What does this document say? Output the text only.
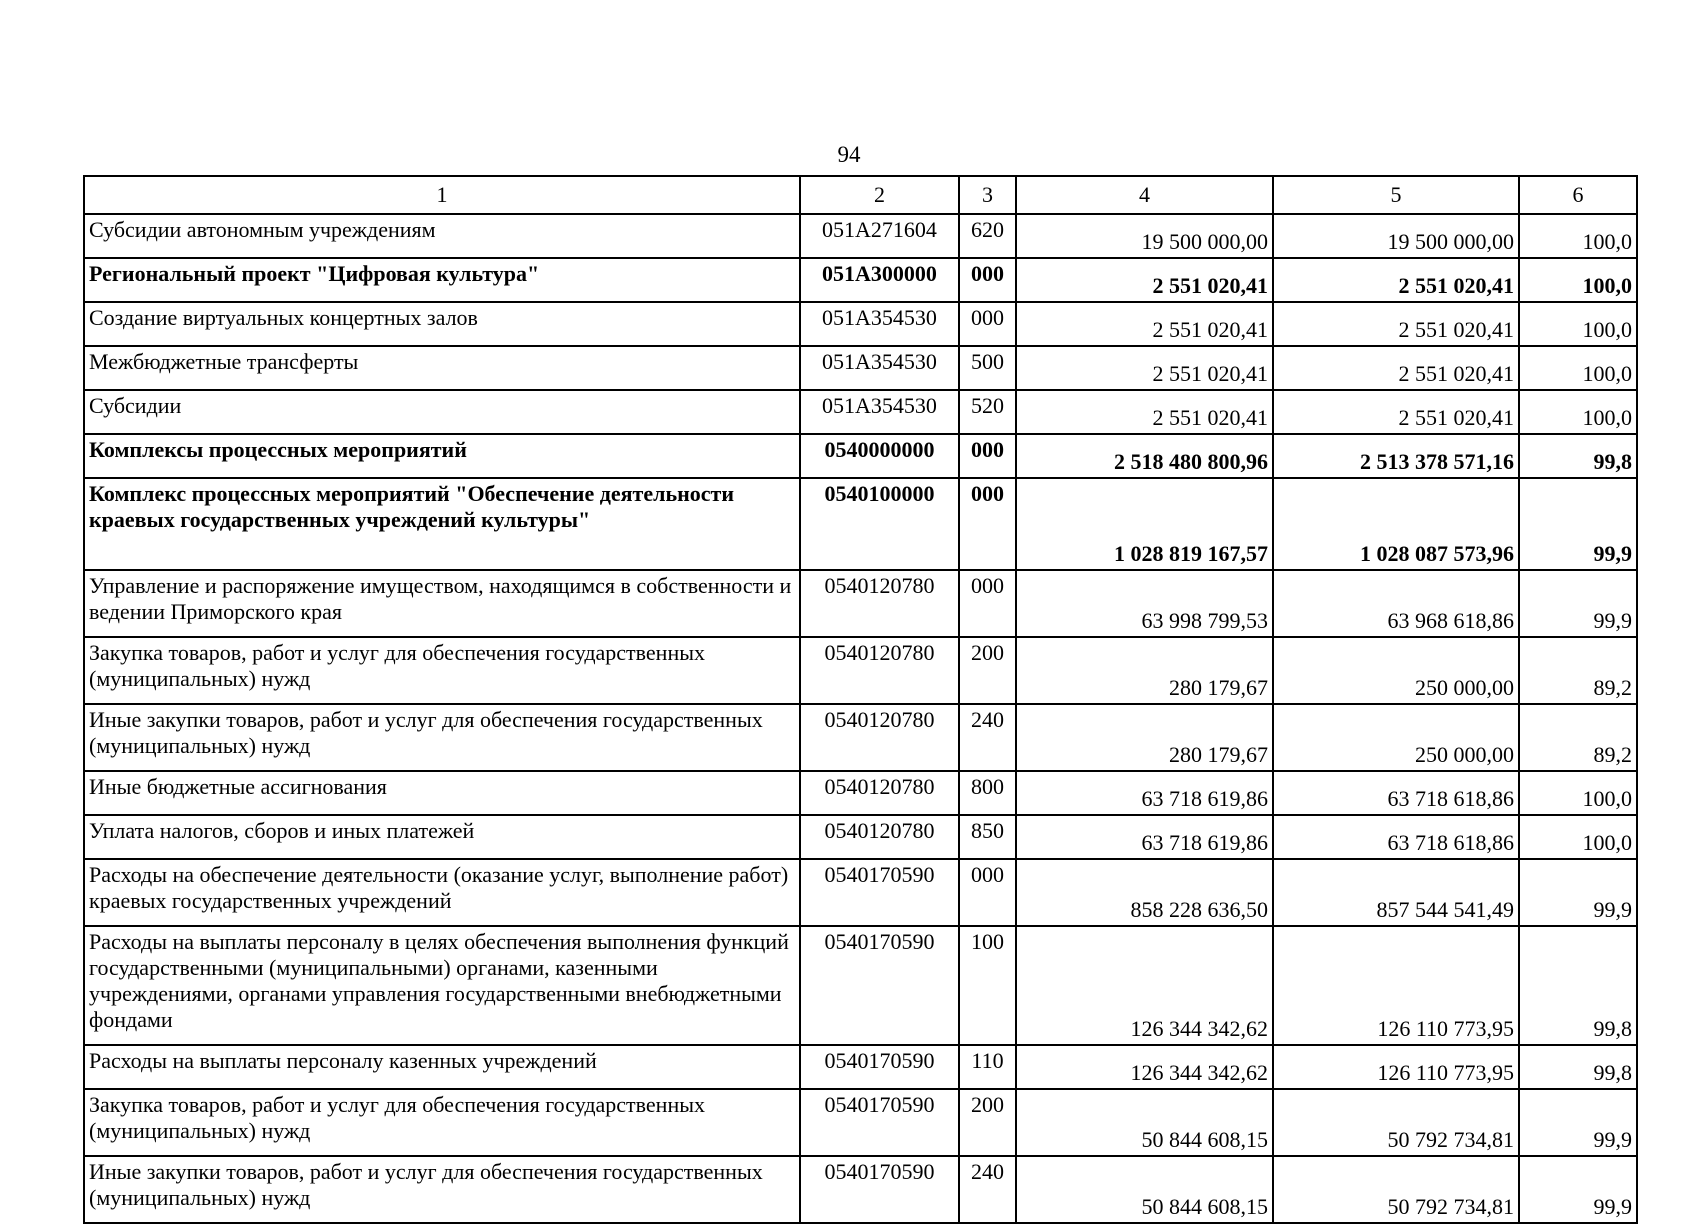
94
1	2	3	4	5	6
Субсидии автономным учреждениям	051A271604	620	19 500 000,00	19 500 000,00	100,0
Региональный проект "Цифровая культура"	051A300000	000	2 551 020,41	2 551 020,41	100,0
Создание виртуальных концертных залов	051A354530	000	2 551 020,41	2 551 020,41	100,0
Межбюджетные трансферты	051A354530	500	2 551 020,41	2 551 020,41	100,0
Субсидии	051A354530	520	2 551 020,41	2 551 020,41	100,0
Комплексы процессных мероприятий	0540000000	000	2 518 480 800,96	2 513 378 571,16	99,8
Комплекс процессных мероприятий "Обеспечение деятельности краевых государственных учреждений культуры"	0540100000	000	1 028 819 167,57	1 028 087 573,96	99,9
Управление и распоряжение имуществом, находящимся в собственности и ведении Приморского края	0540120780	000	63 998 799,53	63 968 618,86	99,9
Закупка товаров, работ и услуг для обеспечения государственных (муниципальных) нужд	0540120780	200	280 179,67	250 000,00	89,2
Иные закупки товаров, работ и услуг для обеспечения государственных (муниципальных) нужд	0540120780	240	280 179,67	250 000,00	89,2
Иные бюджетные ассигнования	0540120780	800	63 718 619,86	63 718 618,86	100,0
Уплата налогов, сборов и иных платежей	0540120780	850	63 718 619,86	63 718 618,86	100,0
Расходы на обеспечение деятельности (оказание услуг, выполнение работ) краевых государственных учреждений	0540170590	000	858 228 636,50	857 544 541,49	99,9
Расходы на выплаты персоналу в целях обеспечения выполнения функций государственными (муниципальными) органами, казенными учреждениями, органами управления государственными внебюджетными фондами	0540170590	100	126 344 342,62	126 110 773,95	99,8
Расходы на выплаты персоналу казенных учреждений	0540170590	110	126 344 342,62	126 110 773,95	99,8
Закупка товаров, работ и услуг для обеспечения государственных (муниципальных) нужд	0540170590	200	50 844 608,15	50 792 734,81	99,9
Иные закупки товаров, работ и услуг для обеспечения государственных (муниципальных) нужд	0540170590	240	50 844 608,15	50 792 734,81	99,9
